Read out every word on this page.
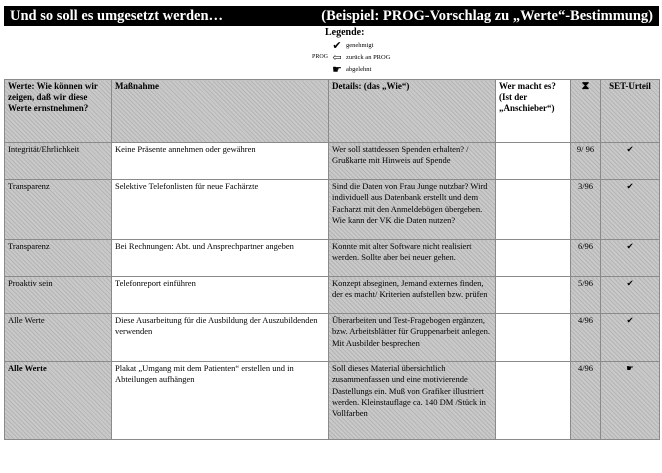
Und so soll es umgesetzt werden…	(Beispiel: PROG-Vorschlag zu „Werte“-Bestimmung)
Legende:
✔ genehmigt
PROG ⇦ zurück an PROG
☛ abgelehnt
Werte: Wie können wir zeigen, daß wir diese Werte ernstnehmen?	Maßnahme	Details: (das „Wie“)	Wer macht es? (Ist der „Anschieber“)	⧗	SET-Urteil
Integrität/Ehrlichkeit	Keine Präsente annehmen oder gewähren	Wer soll stattdessen Spenden erhalten? / Grußkarte mit Hinweis auf Spende		9/ 96	✔
Transparenz	Selektive Telefonlisten für neue Fachärzte	Sind die Daten von Frau Junge nutzbar? Wird individuell aus Datenbank erstellt und dem Facharzt mit den Anmeldebögen übergeben. Wie kann der VK die Daten nutzen?		3/96	✔
Transparenz	Bei Rechnungen: Abt. und Ansprechpartner angeben	Konnte mit alter Software nicht realisiert werden. Sollte aber bei neuer gehen.		6/96	✔
Proaktiv sein	Telefonreport einführen	Konzept abseginen, Jemand externes finden, der es macht/ Kriterien aufstellen bzw. prüfen		5/96	✔
Alle Werte	Diese Ausarbeitung für die Ausbildung der Auszubildenden verwenden	Überarbeiten und Test-Fragebogen ergänzen, bzw. Arbeitsblätter für Gruppenarbeit anlegen. Mit Ausbilder besprechen		4/96	✔
Alle Werte	Plakat „Umgang mit dem Patienten“ erstellen und in Abteilungen aufhängen	Soll dieses Material übersichtlich zusammenfassen und eine motivierende Dastellungs ein. Muß von Grafiker illustriert werden. Kleinstauflage ca. 140 DM /Stück in Vollfarben		4/96	☛
